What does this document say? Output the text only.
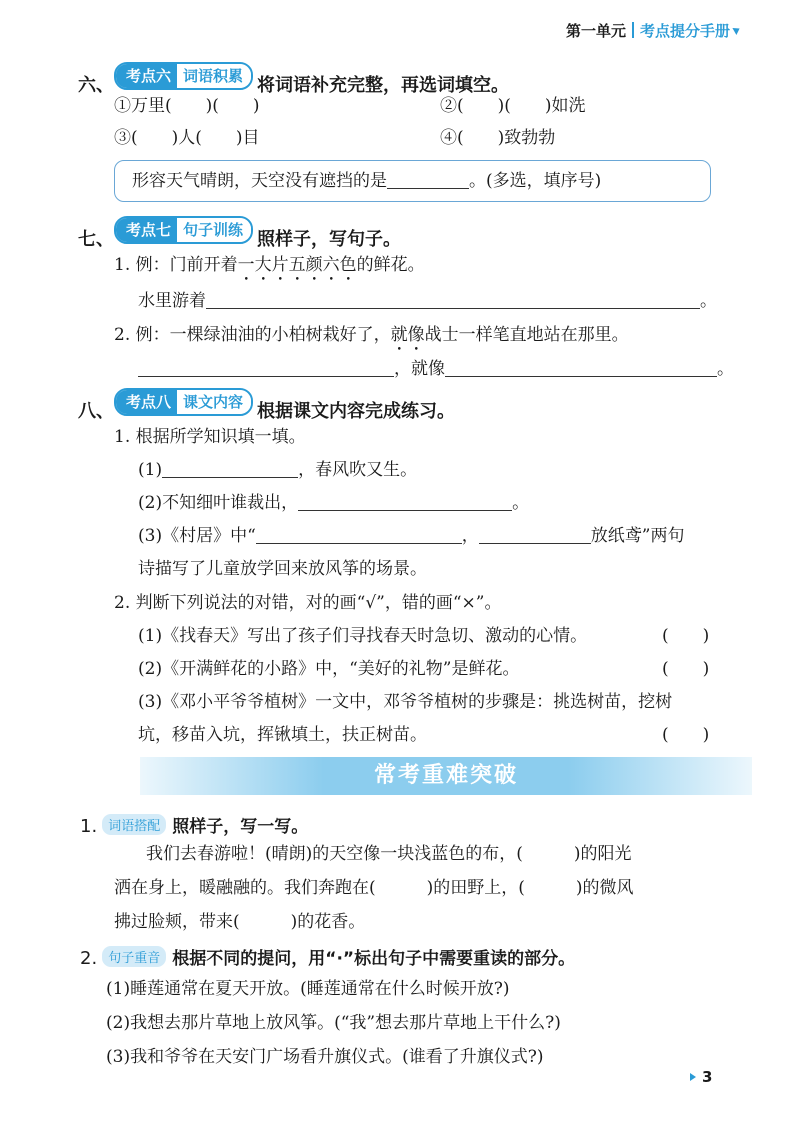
第一单元 考点提分手册
六、 考点六 词语积累 将词语补充完整，再选词填空。
①万里(　　)(　　)	②(　　)(　　)如洗
③(　　)人(　　)目	④(　　)致勃勃
形容天气晴朗，天空没有遮挡的是	。(多选，填序号)
七、 考点七 句子训练 照样子，写句子。
1. 例：门前开着一大片五颜六色的鲜花。
水里游着	。
2. 例：一棵绿油油的小柏树栽好了，就像战士一样笔直地站在那里。
，就像	。
八、 考点八 课文内容 根据课文内容完成练习。
1. 根据所学知识填一填。
(1)	，春风吹又生。
(2)不知细叶谁裁出，	。
(3)《村居》中“	，	放纸鸢”两句
诗描写了儿童放学回来放风筝的场景。
2. 判断下列说法的对错，对的画“√”，错的画“×”。
(1)《找春天》写出了孩子们寻找春天时急切、激动的心情。	(　　)
(2)《开满鲜花的小路》中，“美好的礼物”是鲜花。	(　　)
(3)《邓小平爷爷植树》一文中，邓爷爷植树的步骤是：挑选树苗，挖树
坑，移苗入坑，挥锹填土，扶正树苗。	(　　)
常考重难突破
1. 词语搭配 照样子，写一写。
我们去春游啦！(晴朗)的天空像一块浅蓝色的布，(　　　)的阳光
洒在身上，暖融融的。我们奔跑在(　　　)的田野上，(　　　)的微风
拂过脸颊，带来(　　　)的花香。
2. 句子重音 根据不同的提问，用“·”标出句子中需要重读的部分。
(1)睡莲通常在夏天开放。(睡莲通常在什么时候开放?)
(2)我想去那片草地上放风筝。(“我”想去那片草地上干什么?)
(3)我和爷爷在天安门广场看升旗仪式。(谁看了升旗仪式?)
3
